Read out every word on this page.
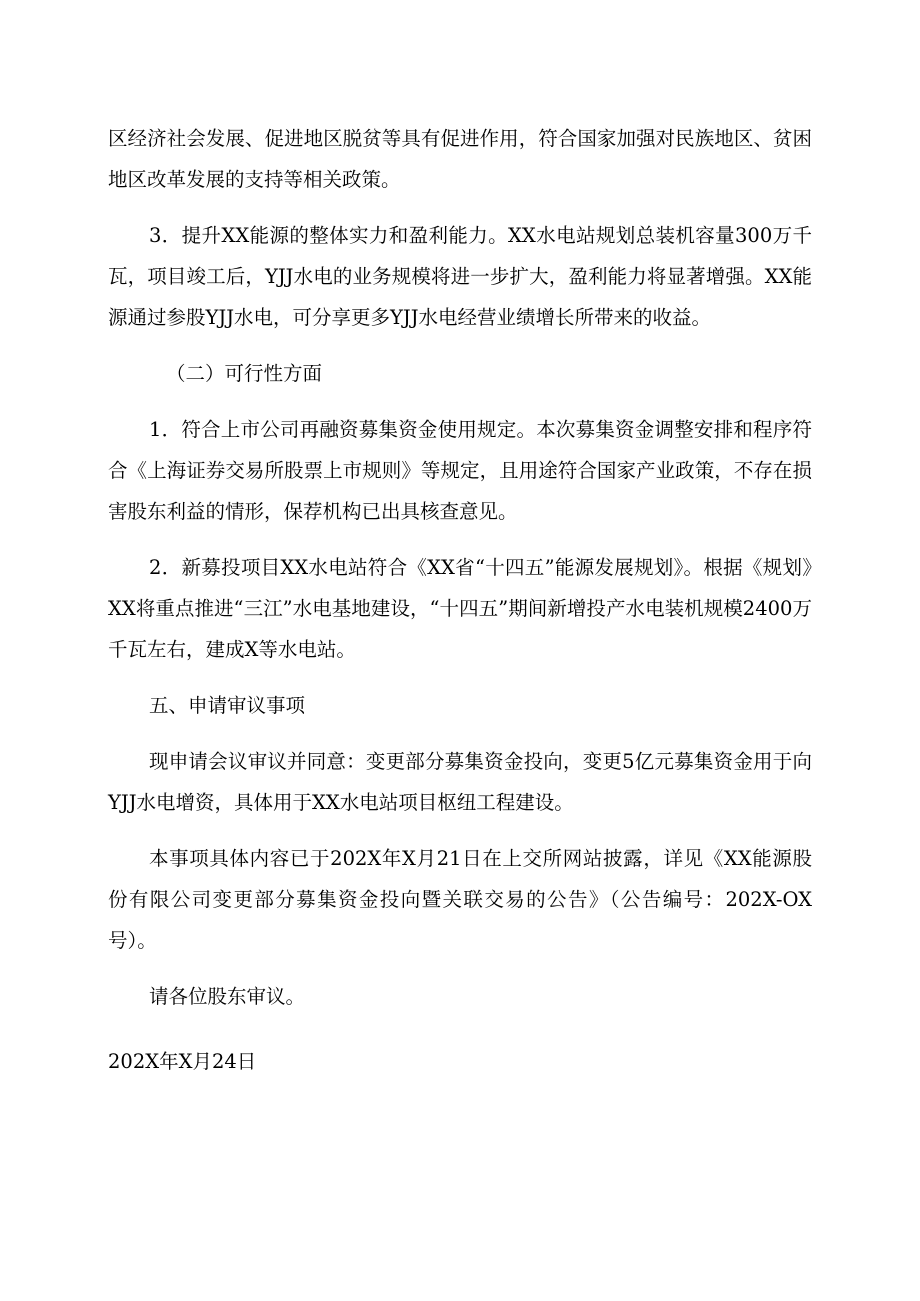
区经济社会发展、促进地区脱贫等具有促进作用，符合国家加强对民族地区、贫困地区改革发展的支持等相关政策。

3．提升XX能源的整体实力和盈利能力。XX水电站规划总装机容量300万千瓦，项目竣工后，YJJ水电的业务规模将进一步扩大，盈利能力将显著增强。XX能源通过参股YJJ水电，可分享更多YJJ水电经营业绩增长所带来的收益。

（二）可行性方面

1．符合上市公司再融资募集资金使用规定。本次募集资金调整安排和程序符合《上海证券交易所股票上市规则》等规定，且用途符合国家产业政策，不存在损害股东利益的情形，保荐机构已出具核查意见。

2．新募投项目XX水电站符合《XX省“十四五”能源发展规划》。根据《规划》XX将重点推进“三江”水电基地建设，“十四五”期间新增投产水电装机规模2400万千瓦左右，建成X等水电站。

五、申请审议事项

现申请会议审议并同意：变更部分募集资金投向，变更5亿元募集资金用于向YJJ水电增资，具体用于XX水电站项目枢纽工程建设。

本事项具体内容已于202X年X月21日在上交所网站披露，详见《XX能源股份有限公司变更部分募集资金投向暨关联交易的公告》（公告编号：202X-OX号）。

请各位股东审议。

202X年X月24日
